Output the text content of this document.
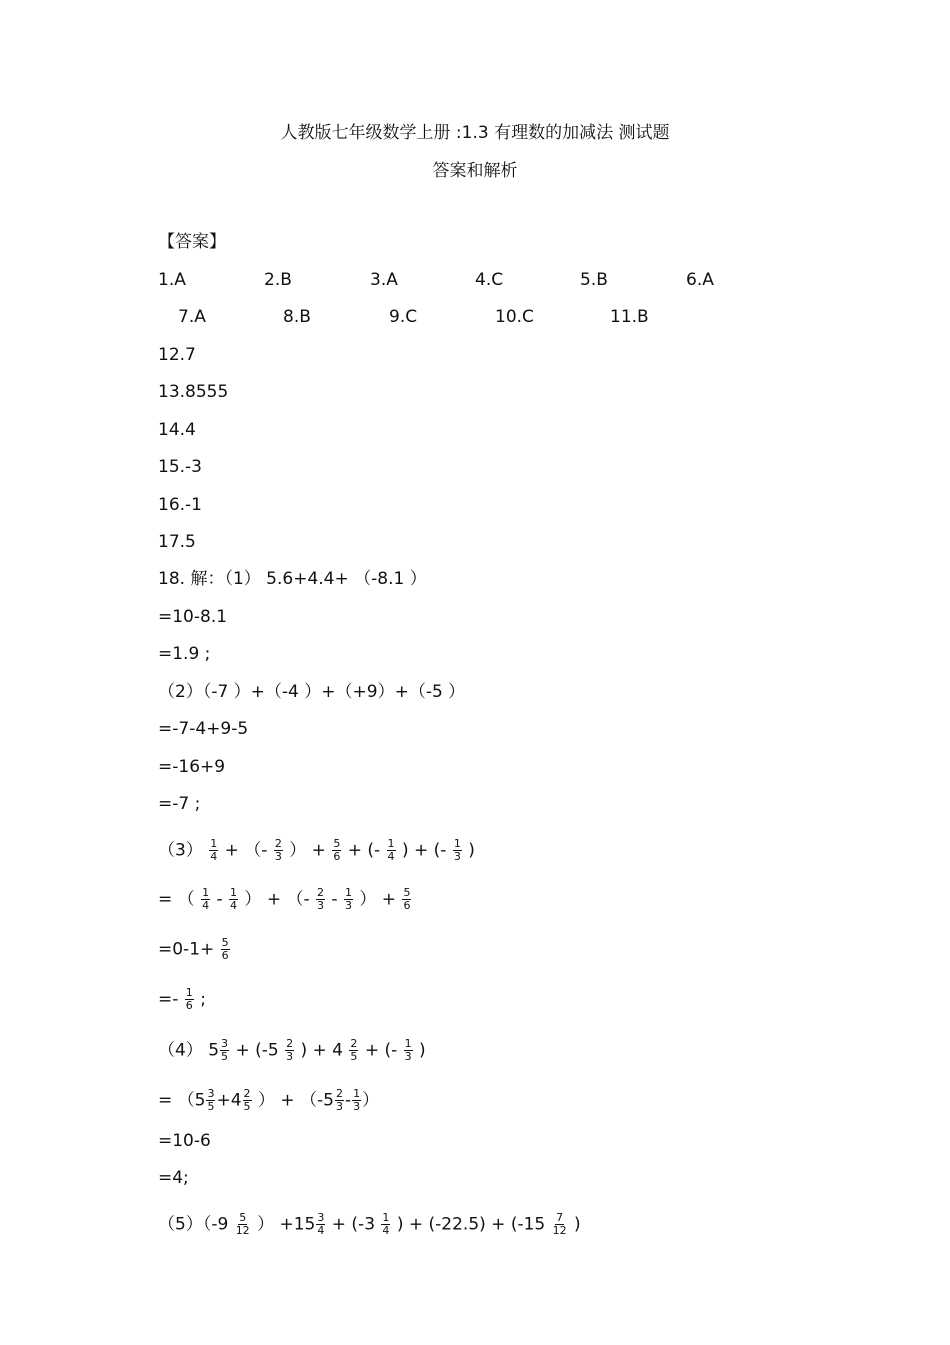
人教版七年级数学上册 :1.3 有理数的加减法 测试题
答案和解析
【答案】
1.A	2.B	3.A	4.C	5.B	6.A
7.A	8.B	9.C	10.C	11.B
12.7
13.8555
14.4
15.-3
16.-1
17.5
18. 解：（1） 5.6+4.4+ （-8.1 ）
=10-8.1
=1.9 ;
（2）（-7 ）+（-4 ）+（+9）+（-5 ）
=-7-4+9-5
=-16+9
=-7 ;
$(3) \frac{1}{4}$ + （- $\frac{2}{3}$ ） + $\frac{5}{6}$ + (- $\frac{1}{4}$ ) + (- $\frac{1}{3}$ )
= （ $\frac{1}{4} - \frac{1}{4}$ ） + （- $\frac{2}{3} - \frac{1}{3}$ ） + $\frac{5}{6}$
$=0-1+ \frac{5}{6}$
=- $\frac{1}{6}$ ;
（4） $5 \frac{3}{5} + (-5 \frac{2}{3}$ ) + $4 \frac{2}{5}$ + (- $\frac{1}{3}$ )
= （$5 \frac{3}{5} +4 \frac{2}{5}$ ） + （$-5 \frac{2}{3} - \frac{1}{3}$ ）
=10-6
=4;
$(5)(-9 \frac{5}{12}$ ） $+15 \frac{3}{4} + (-3 \frac{1}{4}$ ) + $(-22.5) + (-15 \frac{7}{12}$ )
